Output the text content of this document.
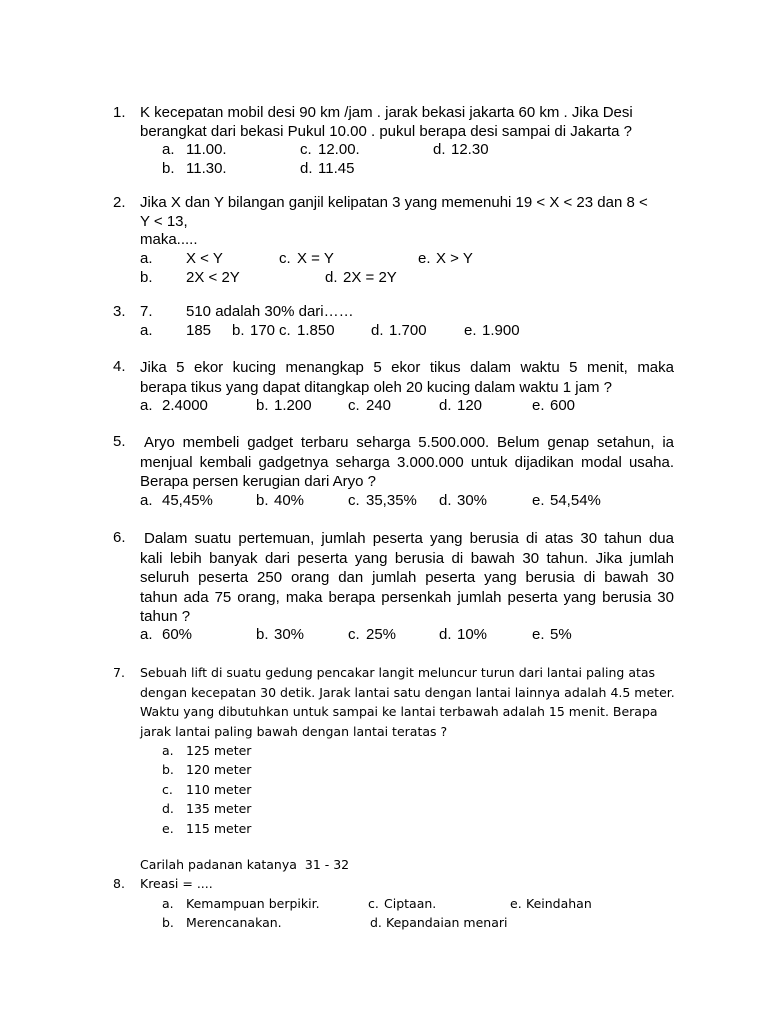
1. K kecepatan mobil desi 90 km /jam . jarak bekasi jakarta 60 km . Jika Desi
berangkat dari bekasi Pukul 10.00 . pukul berapa desi sampai di Jakarta ?
a. 11.00.	c. 12.00.	d. 12.30
b. 11.30.	d. 11.45
2. Jika X dan Y bilangan ganjil kelipatan 3 yang memenuhi 19 < X < 23 dan 8 <
Y < 13,
maka.....
a. X < Y	c. X = Y	e. X > Y
b. 2X < 2Y	d. 2X = 2Y
3. 7. 510 adalah 30% dari……
a. 185 b. 170 c. 1.850 d. 1.700 e. 1.900
4. Jika 5 ekor kucing menangkap 5 ekor tikus dalam waktu 5 menit, maka
berapa tikus yang dapat ditangkap oleh 20 kucing dalam waktu 1 jam ?
a. 2.4000	b. 1.200 c. 240	d. 120	e. 600
5. Aryo membeli gadget terbaru seharga 5.500.000. Belum genap setahun, ia
menjual kembali gadgetnya seharga 3.000.000 untuk dijadikan modal usaha.
Berapa persen kerugian dari Aryo ?
a. 45,45%	b. 40%	c. 35,35% d. 30%	e. 54,54%
6. Dalam suatu pertemuan, jumlah peserta yang berusia di atas 30 tahun dua
kali lebih banyak dari peserta yang berusia di bawah 30 tahun. Jika jumlah
seluruh peserta 250 orang dan jumlah peserta yang berusia di bawah 30
tahun ada 75 orang, maka berapa persenkah jumlah peserta yang berusia 30
tahun ?
a. 60%	b. 30%	c. 25%	d. 10%	e. 5%
7. Sebuah lift di suatu gedung pencakar langit meluncur turun dari lantai paling atas
dengan kecepatan 30 detik. Jarak lantai satu dengan lantai lainnya adalah 4.5 meter.
Waktu yang dibutuhkan untuk sampai ke lantai terbawah adalah 15 menit. Berapa
jarak lantai paling bawah dengan lantai teratas ?
a. 125 meter
b. 120 meter
c. 110 meter
d. 135 meter
e. 115 meter
Carilah padanan katanya  31 - 32
8. Kreasi = ....
a. Kemampuan berpikir.	c. Ciptaan.	e. Keindahan
b. Merencanakan.	d. Kepandaian menari
